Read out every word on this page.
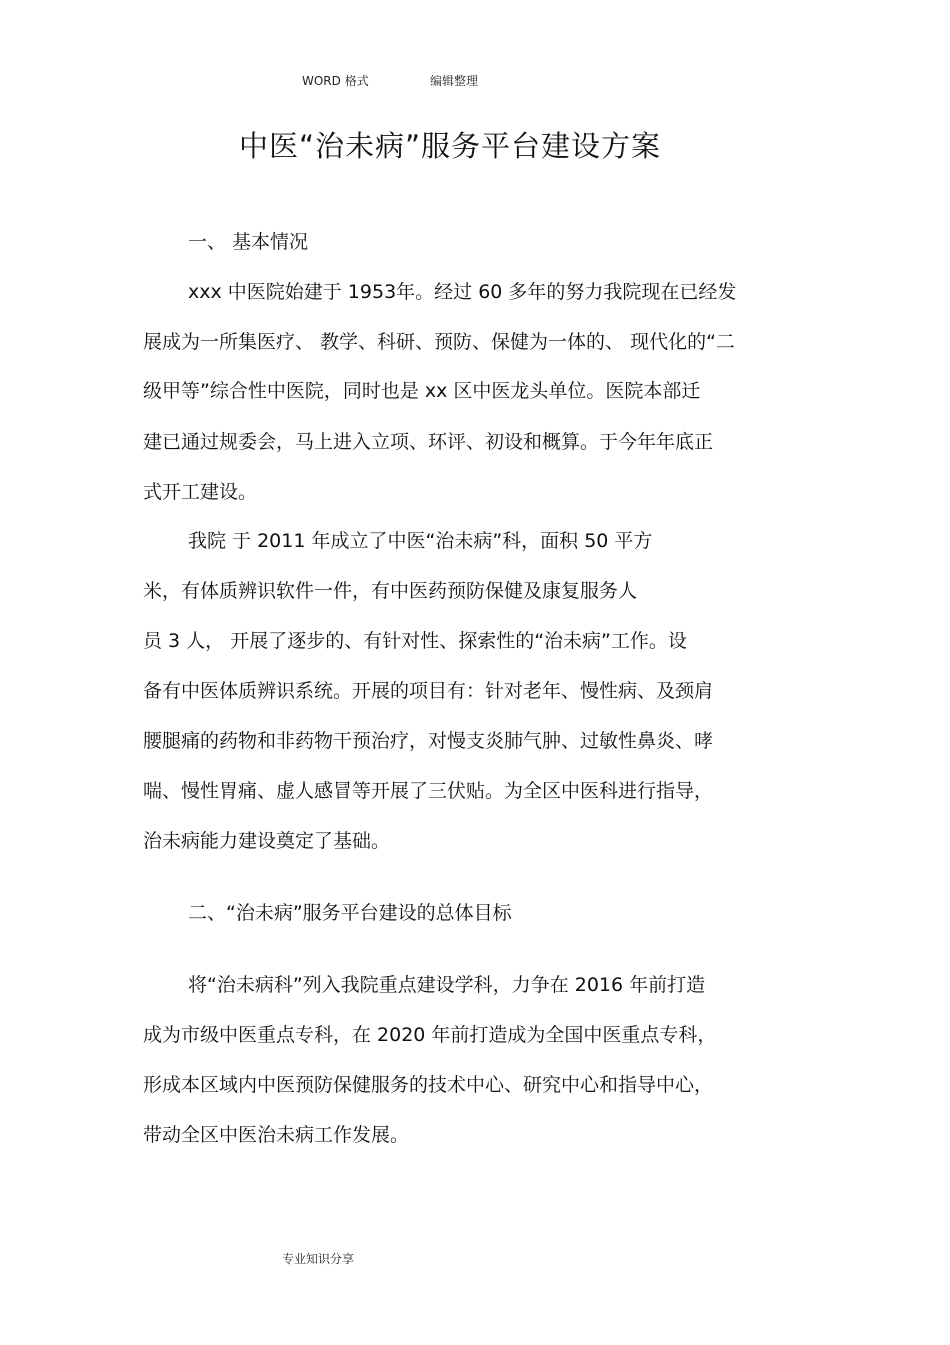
WORD 格式	编辑整理
中医“治未病”服务平台建设方案
一、 基本情况
xxx 中医院始建于 1953年。经过 60 多年的努力我院现在已经发
展成为一所集医疗、 教学、科研、预防、保健为一体的、 现代化的“二
级甲等”综合性中医院，同时也是 xx 区中医龙头单位。医院本部迁
建已通过规委会，马上进入立项、环评、初设和概算。于今年年底正
式开工建设。
我院 于 2011 年成立了中医“治未病”科，面积 50 平方
米，有体质辨识软件一件，有中医药预防保健及康复服务人
员 3 人， 开展了逐步的、有针对性、探索性的“治未病”工作。设
备有中医体质辨识系统。开展的项目有：针对老年、慢性病、及颈肩
腰腿痛的药物和非药物干预治疗，对慢支炎肺气肿、过敏性鼻炎、哮
喘、慢性胃痛、虚人感冒等开展了三伏贴。为全区中医科进行指导，
治未病能力建设奠定了基础。
二、“治未病”服务平台建设的总体目标
将“治未病科”列入我院重点建设学科，力争在 2016 年前打造
成为市级中医重点专科，在 2020 年前打造成为全国中医重点专科，
形成本区域内中医预防保健服务的技术中心、研究中心和指导中心，
带动全区中医治未病工作发展。
专业知识分享
